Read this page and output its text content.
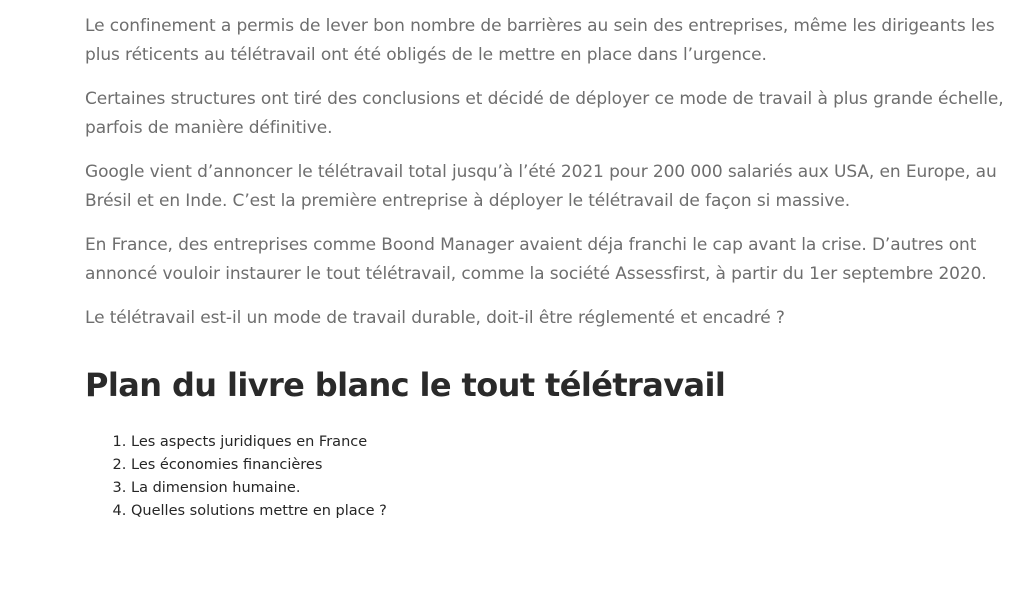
Le confinement a permis de lever bon nombre de barrières au sein des entreprises, même les dirigeants les plus réticents au télétravail ont été obligés de le mettre en place dans l’urgence.

Certaines structures ont tiré des conclusions et décidé de déployer ce mode de travail à plus grande échelle, parfois de manière définitive.

Google vient d’annoncer le télétravail total jusqu’à l’été 2021 pour 200 000 salariés aux USA, en Europe, au Brésil et en Inde. C’est la première entreprise à déployer le télétravail de façon si massive.

En France, des entreprises comme Boond Manager avaient déja franchi le cap avant la crise. D’autres ont annoncé vouloir instaurer le tout télétravail, comme la société Assessfirst, à partir du 1er septembre 2020.

Le télétravail est-il un mode de travail durable, doit-il être réglementé et encadré ?

Plan du livre blanc le tout télétravail
1. Les aspects juridiques en France
2. Les économies financières
3. La dimension humaine.
4. Quelles solutions mettre en place ?
